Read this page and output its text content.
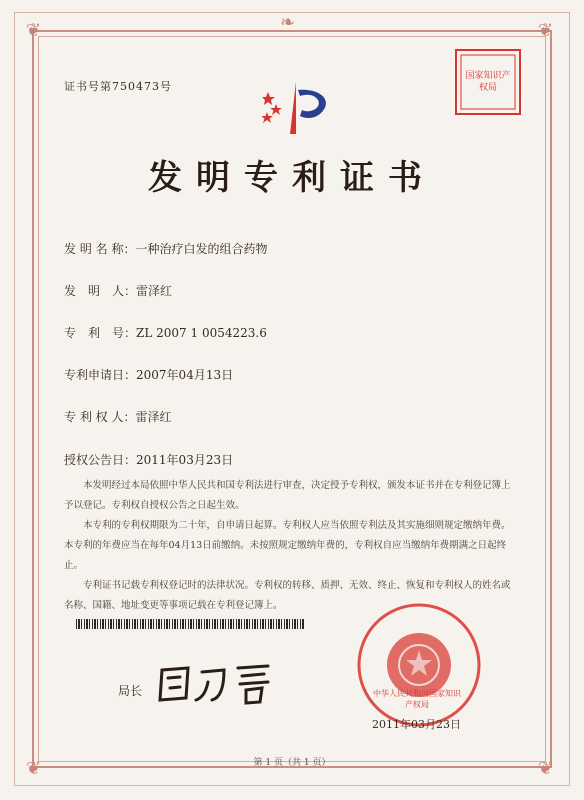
❦	❦
❦	❦
❧
证书号第750473号
国家知识产权局
发明专利证书
发 明 名 称：一种治疗白发的组合药物
发　明　人：雷泽红
专　利　号：ZL 2007 1 0054223.6
专利申请日：2007年04月13日
专 利 权 人：雷泽红
授权公告日：2011年03月23日

本发明经过本局依照中华人民共和国专利法进行审查，决定授予专利权，颁发本证书并在专利登记簿上予以登记。专利权自授权公告之日起生效。

本专利的专利权期限为二十年，自申请日起算。专利权人应当依照专利法及其实施细则规定缴纳年费。本专利的年费应当在每年04月13日前缴纳。未按照规定缴纳年费的，专利权自应当缴纳年费期满之日起终止。

专利证书记载专利权登记时的法律状况。专利权的转移、质押、无效、终止、恢复和专利权人的姓名或名称、国籍、地址变更等事项记载在专利登记簿上。

局长	中华人民共和国国家知识产权局
2011年03月23日
第 1 页（共 1 页）
